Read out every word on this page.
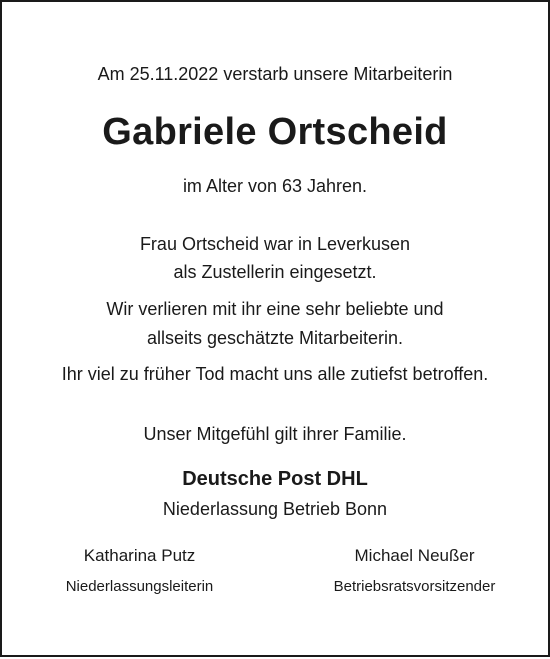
Am 25.11.2022 verstarb unsere Mitarbeiterin
Gabriele Ortscheid
im Alter von 63 Jahren.
Frau Ortscheid war in Leverkusen
als Zustellerin eingesetzt.
Wir verlieren mit ihr eine sehr beliebte und
allseits geschätzte Mitarbeiterin.
Ihr viel zu früher Tod macht uns alle zutiefst betroffen.
Unser Mitgefühl gilt ihrer Familie.
Deutsche Post DHL
Niederlassung Betrieb Bonn
Katharina Putz
Niederlassungsleiterin
Michael Neußer
Betriebsratsvorsitzender
